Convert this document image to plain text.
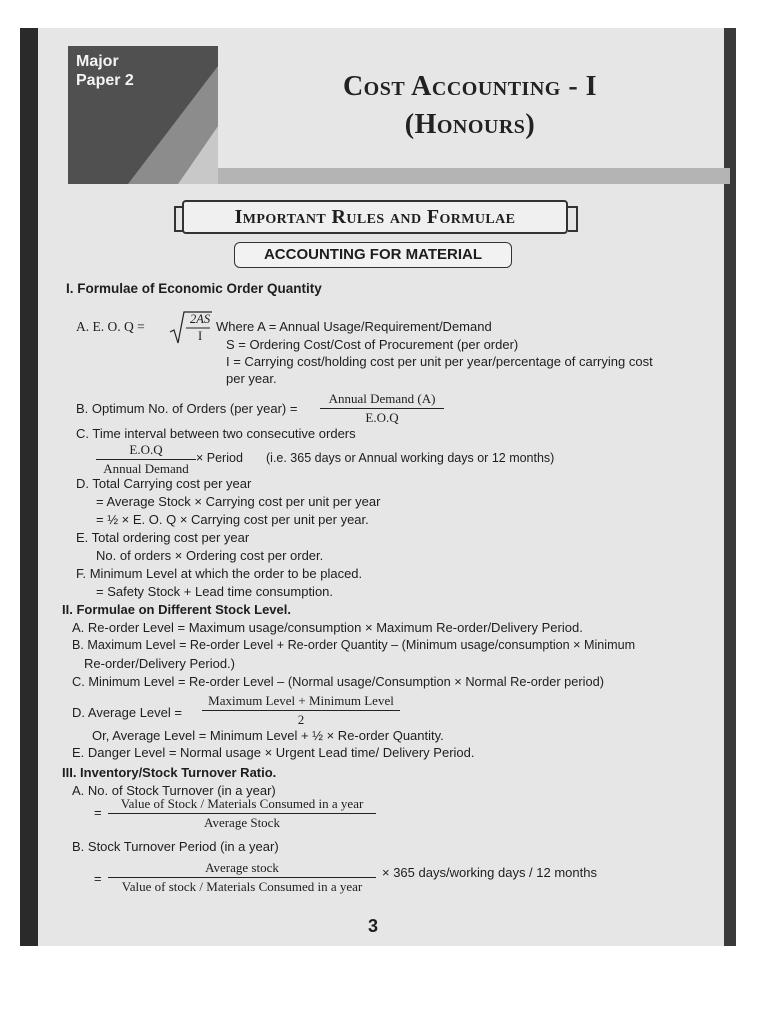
Major
Paper 2	Cost Accounting - I
(Honours)
Important Rules and Formulae
ACCOUNTING FOR MATERIAL
I. Formulae of Economic Order Quantity
A. E. O. Q =	2AS
I
Where A = Annual Usage/Requirement/Demand
S = Ordering Cost/Cost of Procurement (per order)
I = Carrying cost/holding cost per unit per year/percentage of carrying cost
per year.
B. Optimum No. of Orders (per year) =
Annual Demand (A)
E.O.Q
C. Time interval between two consecutive orders
E.O.Q
Annual Demand
× Period (i.e. 365 days or Annual working days or 12 months)
D. Total Carrying cost per year
= Average Stock × Carrying cost per unit per year
= ½ × E. O. Q × Carrying cost per unit per year.
E. Total ordering cost per year
No. of orders × Ordering cost per order.
F. Minimum Level at which the order to be placed.
= Safety Stock + Lead time consumption.
II. Formulae on Different Stock Level.
A. Re-order Level = Maximum usage/consumption × Maximum Re-order/Delivery Period.
B. Maximum Level = Re-order Level + Re-order Quantity – (Minimum usage/consumption × Minimum
Re-order/Delivery Period.)
C. Minimum Level = Re-order Level – (Normal usage/Consumption × Normal Re-order period)
D. Average Level =
Maximum Level + Minimum Level
2
Or, Average Level = Minimum Level + ½ × Re-order Quantity.
E. Danger Level = Normal usage × Urgent Lead time/ Delivery Period.
III. Inventory/Stock Turnover Ratio.
A. No. of Stock Turnover (in a year)
=
Value of Stock / Materials Consumed in a year
Average Stock
B. Stock Turnover Period (in a year)
=
Average stock
Value of stock / Materials Consumed in a year
× 365 days/working days / 12 months
3
